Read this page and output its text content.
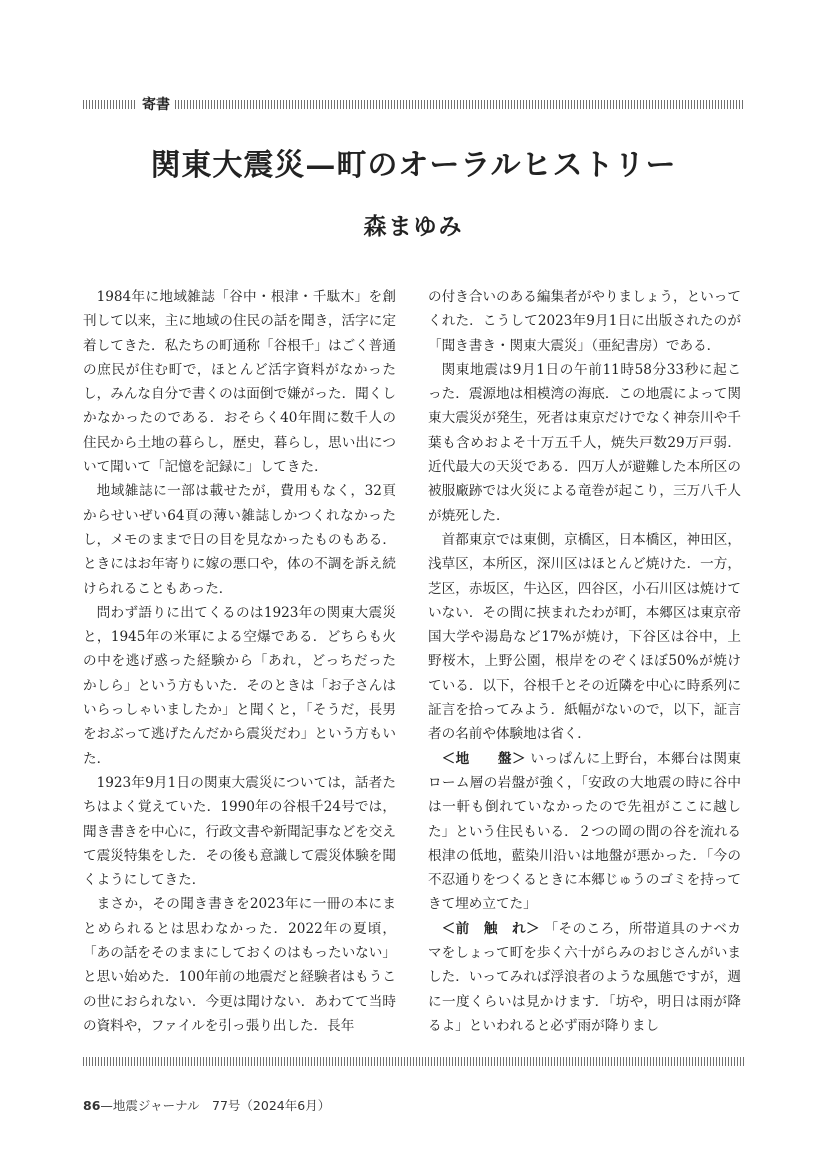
寄書
関東大震災—町のオーラルヒストリー
森まゆみ

1984年に地域雑誌「谷中・根津・千駄木」を創刊して以来，主に地域の住民の話を聞き，活字に定着してきた．私たちの町通称「谷根千」はごく普通の庶民が住む町で，ほとんど活字資料がなかったし，みんな自分で書くのは面倒で嫌がった．聞くしかなかったのである．おそらく40年間に数千人の住民から土地の暮らし，歴史，暮らし，思い出について聞いて「記憶を記録に」してきた．

地域雑誌に一部は載せたが，費用もなく，32頁からせいぜい64頁の薄い雑誌しかつくれなかったし，メモのままで日の目を見なかったものもある．ときにはお年寄りに嫁の悪口や，体の不調を訴え続けられることもあった．

問わず語りに出てくるのは1923年の関東大震災と，1945年の米軍による空爆である．どちらも火の中を逃げ惑った経験から「あれ，どっちだったかしら」という方もいた．そのときは「お子さんはいらっしゃいましたか」と聞くと，「そうだ，長男をおぶって逃げたんだから震災だわ」という方もいた．

1923年9月1日の関東大震災については，話者たちはよく覚えていた．1990年の谷根千24号では，聞き書きを中心に，行政文書や新聞記事などを交えて震災特集をした．その後も意識して震災体験を聞くようにしてきた．

まさか，その聞き書きを2023年に一冊の本にまとめられるとは思わなかった．2022年の夏頃，「あの話をそのままにしておくのはもったいない」と思い始めた．100年前の地震だと経験者はもうこの世におられない．今更は聞けない．あわてて当時の資料や，ファイルを引っ張り出した．長年

の付き合いのある編集者がやりましょう，といってくれた．こうして2023年9月1日に出版されたのが「聞き書き・関東大震災」（亜紀書房）である．

関東地震は9月1日の午前11時58分33秒に起こった．震源地は相模湾の海底．この地震によって関東大震災が発生，死者は東京だけでなく神奈川や千葉も含めおよそ十万五千人，焼失戸数29万戸弱．近代最大の天災である．四万人が避難した本所区の被服廠跡では火災による竜巻が起こり，三万八千人が焼死した．

首都東京では東側，京橋区，日本橋区，神田区，浅草区，本所区，深川区はほとんど焼けた．一方，芝区，赤坂区，牛込区，四谷区，小石川区は焼けていない．その間に挟まれたわが町，本郷区は東京帝国大学や湯島など17%が焼け，下谷区は谷中，上野桜木，上野公園，根岸をのぞくほぼ50%が焼けている．以下，谷根千とその近隣を中心に時系列に証言を拾ってみよう．紙幅がないので，以下，証言者の名前や体験地は省く．

＜地　　盤＞ いっぱんに上野台，本郷台は関東ローム層の岩盤が強く，「安政の大地震の時に谷中は一軒も倒れていなかったので先祖がここに越した」という住民もいる．２つの岡の間の谷を流れる根津の低地，藍染川沿いは地盤が悪かった．「今の不忍通りをつくるときに本郷じゅうのゴミを持ってきて埋め立てた」

＜前　触　れ＞ 「そのころ，所帯道具のナベカマをしょって町を歩く六十がらみのおじさんがいました．いってみれば浮浪者のような風態ですが，週に一度くらいは見かけます．「坊や，明日は雨が降るよ」といわれると必ず雨が降りまし

86—地震ジャーナル　77号（2024年6月）
